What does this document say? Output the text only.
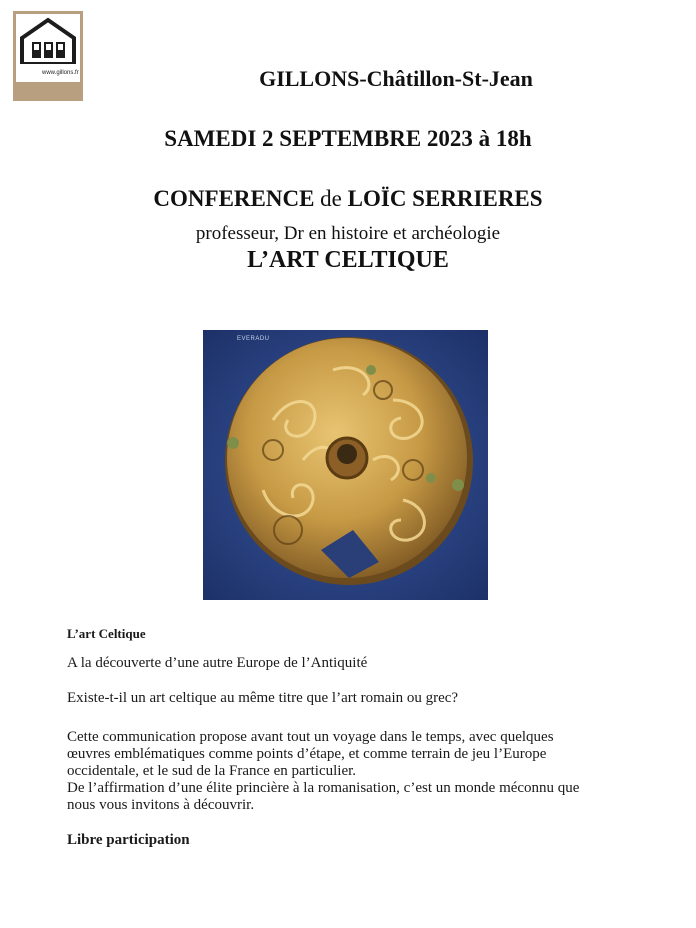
www.gillons.fr	GILLONS-Châtillon-St-Jean
SAMEDI 2 SEPTEMBRE 2023 à 18h
CONFERENCE de LOÏC SERRIERES
professeur, Dr en histoire et archéologie
L’ART CELTIQUE
EVERADU
L’art Celtique
A la découverte d’une autre Europe de l’Antiquité
Existe-t-il un art celtique au même titre que l’art romain ou grec?
Cette communication propose avant tout un voyage dans le temps, avec quelques
œuvres emblématiques comme points d’étape, et comme terrain de jeu l’Europe
occidentale, et le sud de la France en particulier.
De l’affirmation d’une élite princière à la romanisation, c’est un monde méconnu que
nous vous invitons à découvrir.
Libre participation
